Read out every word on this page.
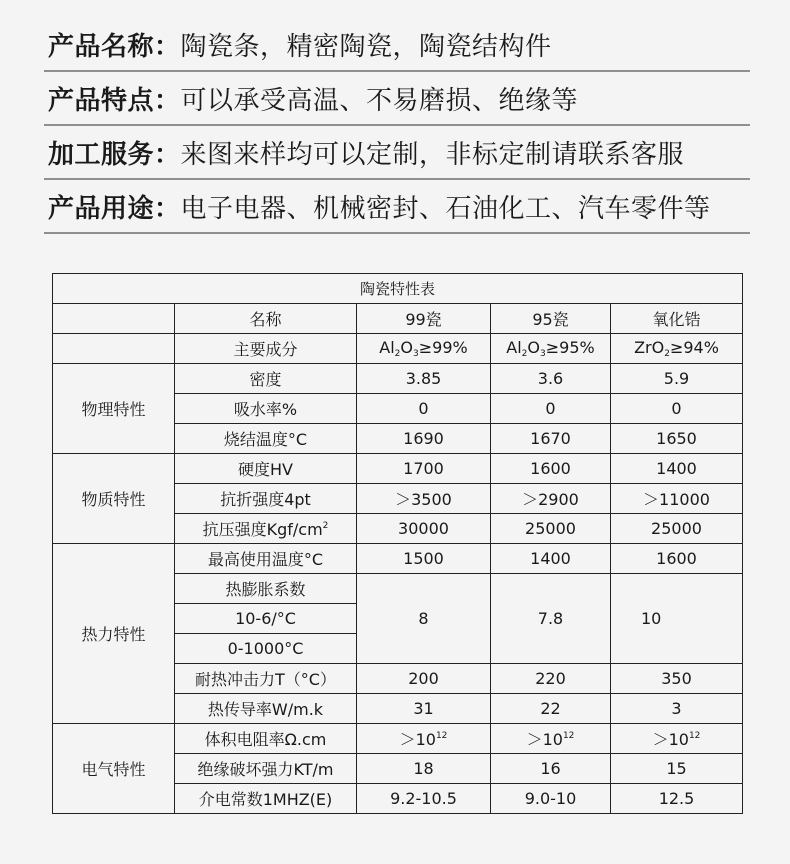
产品名称： 陶瓷条，精密陶瓷，陶瓷结构件
产品特点： 可以承受高温、不易磨损、绝缘等
加工服务： 来图来样均可以定制，非标定制请联系客服
产品用途： 电子电器、机械密封、石油化工、汽车零件等
陶瓷特性表				
	名称	99瓷	95瓷	氧化锆
	主要成分	$Al_2O_3\ge 99\%$	$Al_2O_3\ge 95\%$	ZrO$_2$≥94%
物理特性	密度	3.85	3.6	5.9
	吸水率%	0	0	0
	烧结温度°C	1690	1670	1650
物质特性	硬度HV	1700	1600	1400
	抗折强度4pt	＞3500	＞2900	＞11000
	抗压强度Kgf/$cm^2$	30000	25000	25000
热力特性	最高使用温度°C	1500	1400	1600
	热膨胀系数	8	7.8	10
	10-6/°C			
	0-1000°C			
	耐热冲击力T（°C）	200	220	350
	热传导率W/m.k	31	22	3
电气特性	体积电阻率Ω.cm	$>10^{12}$	$>10^{12}$	$>10^{12}$
	绝缘破坏强力KT/m	18	16	15
	介电常数1MHZ(E)	9.2-10.5	9.0-10	12.5
